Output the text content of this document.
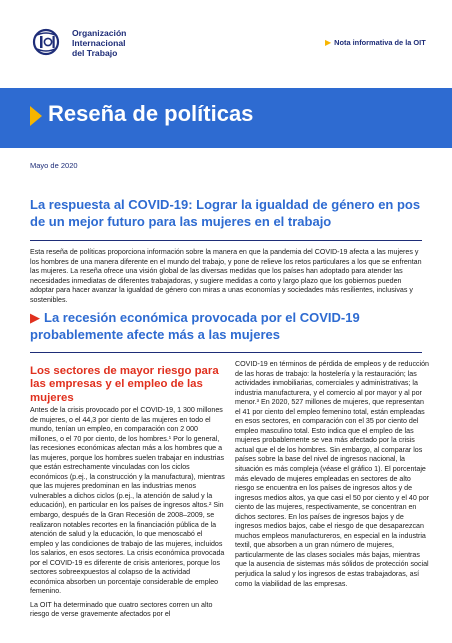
Organización
Internacional
del Trabajo
▶ Nota informativa de la OIT
Reseña de políticas
Mayo de 2020
La respuesta al COVID-19: Lograr la igualdad de género en pos de un mejor futuro para las mujeres en el trabajo
Esta reseña de políticas proporciona información sobre la manera en que la pandemia del COVID-19 afecta a las mujeres y los hombres de una manera diferente en el mundo del trabajo, y pone de relieve los retos particulares a los que se enfrentan las mujeres. La reseña ofrece una visión global de las diversas medidas que los países han adoptado para atender las necesidades inmediatas de diferentes trabajadoras, y sugiere medidas a corto y largo plazo que los gobiernos pueden adoptar para hacer avanzar la igualdad de género con miras a unas economías y sociedades más resilientes, inclusivas y sostenibles.
▶ La recesión económica provocada por el COVID-19 probablemente afecte más a las mujeres
Los sectores de mayor riesgo para las empresas y el empleo de las mujeres

Antes de la crisis provocado por el COVID-19, 1 300 millones de mujeres, o el 44,3 por ciento de las mujeres en todo el mundo, tenían un empleo, en comparación con 2 000 millones, o el 70 por ciento, de los hombres.¹ Por lo general, las recesiones económicas afectan más a los hombres que a las mujeres, porque los hombres suelen trabajar en industrias que están estrechamente vinculadas con los ciclos económicos (p.ej., la construcción y la manufactura), mientras que las mujeres predominan en las industrias menos vulnerables a dichos ciclos (p.ej., la atención de salud y la educación), en particular en los países de ingresos altos.² Sin embargo, después de la Gran Recesión de 2008–2009, se realizaron notables recortes en la financiación pública de la atención de salud y la educación, lo que menoscabó el empleo y las condiciones de trabajo de las mujeres, incluidos los salarios, en esos sectores. La crisis económica provocada por el COVID-19 es diferente de crisis anteriores, porque los sectores sobreexpuestos al colapso de la actividad económica absorben un porcentaje considerable de empleo femenino.

La OIT ha determinado que cuatro sectores corren un alto riesgo de verse gravemente afectados por el

COVID-19 en términos de pérdida de empleos y de reducción de las horas de trabajo: la hostelería y la restauración; las actividades inmobiliarias, comerciales y administrativas; la industria manufacturera, y el comercio al por mayor y al por menor.³ En 2020, 527 millones de mujeres, que representan el 41 por ciento del empleo femenino total, están empleadas en esos sectores, en comparación con el 35 por ciento del empleo masculino total. Esto indica que el empleo de las mujeres probablemente se vea más afectado por la crisis actual que el de los hombres. Sin embargo, al comparar los países sobre la base del nivel de ingresos nacional, la situación es más compleja (véase el gráfico 1). El porcentaje más elevado de mujeres empleadas en sectores de alto riesgo se encuentra en los países de ingresos altos y de ingresos medios altos, ya que casi el 50 por ciento y el 40 por ciento de las mujeres, respectivamente, se concentran en dichos sectores. En los países de ingresos bajos y de ingresos medios bajos, cabe el riesgo de que desaparezcan muchos empleos manufactureros, en especial en la industria textil, que absorben a un gran número de mujeres, particularmente de las clases sociales más bajas, mientras que la ausencia de sistemas más sólidos de protección social perjudica la salud y los ingresos de estas trabajadoras, así como la viabilidad de las empresas.
